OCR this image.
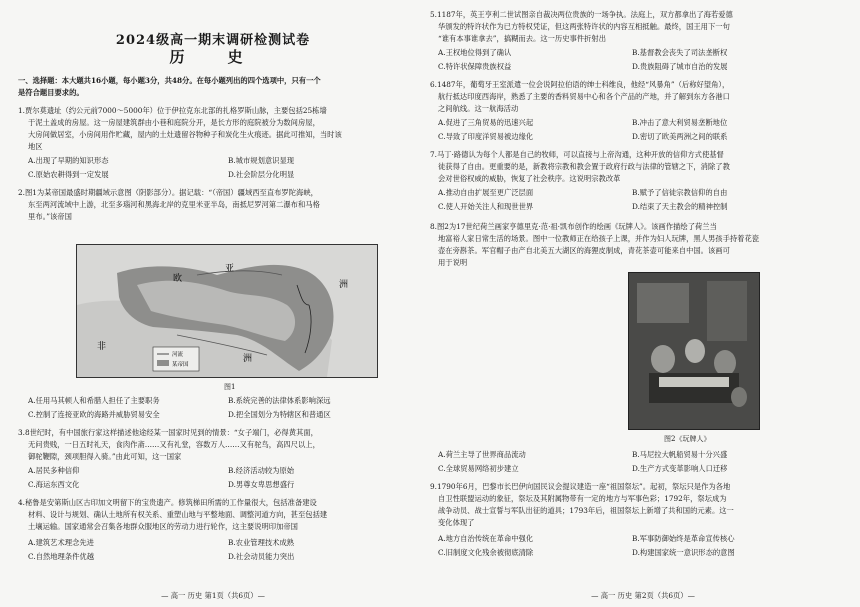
2024级高一期末调研检测试卷
历　史
一、选择题：本大题共16小题，每小题3分，共48分。在每小题列出的四个选项中，只有一个
是符合题目要求的。
1.贾尔莫遗址（约公元前7000～5000年）位于伊拉克东北部的扎格罗斯山脉，主要包括25栋墙
于泥土盖成的房屋。这一房屋建筑群由小巷和庭院分开，是长方形的庭院被分为数间房屋，
大房间做居室，小房间用作贮藏，屋内的土灶遗留谷物种子和炭化生火痕迹。据此可推知，当时该
地区
A.出现了早期的知识形态	B.城市规划意识显现
C.原始农耕得到一定发展	D.社会阶层分化明显
2.图1为某帝国最盛时期疆域示意图（阴影部分）。据记载：“（帝国）疆域西至直布罗陀海峡，
东至两河流域中上游，北至多瑙河和黑海北岸的克里米亚半岛，南抵尼罗河第二瀑布和马格
里布。”该帝国
欧
亚
非
洲
洲
河流
某帝国
图1
A.任用马其顿人和希腊人担任了主要职务	B.系统完善的法律体系影响深远
C.控制了连接亚欧的海路并威胁贸易安全	D.把全国划分为特辖区和普通区
3.8世纪时，有中国旅行家这样描述他途经某一国家时见到的情景：“女子端门，必得黄其面，
无问贵贱，一日五时礼天，食肉作斋……又有礼堂，容数万人……又有驼鸟，高四尺以上，
御驼鞭隙，颈项胆得入骑。”由此可知，这一国家
A.居民多种信仰	B.经济活动较为原始
C.海运东西文化	D.男尊女卑思想盛行
4.秘鲁是安第斯山区古印加文明留下的宝贵遗产。修筑梯田所需的工作量很大，包括准备建设
材料、设计与规划、确认土地所有权关系、重塑山地与平整地面、调整河道方向，甚至包括建
土壤运输。国家通常会召集各地群众服地区的劳动力进行轮作，这主要说明印加帝国
A.建筑艺术理念先进	B.农业管理技术成熟
C.自然地理条件优越	D.社会动员能力突出
— 高一 历史 第1页（共6页）—
5.1187年，英王亨利二世试图亲自裁决两位贵族的一场争执。法庭上，双方都拿出了海若爱德
华颁发的特许状作为已方特权凭证，但这两张特许状的内容互相抵触。最终，国王用下一句
“谁有本事谁拿去”，搞糊而去。这一历史事件折射出
A.王权地位得到了确认	B.基督教会丧失了司法垄断权
C.特许状保障贵族权益	D.贵族阻碍了城市自治的发展
6.1487年，葡萄牙王室派遣一位会说阿拉伯语的绅士科维良，他经“风暴角”（后称好望角），
航行抵达印度西海岸，熟悉了主要的香料贸易中心和各个产品的产地，并了解到东方各港口
之间航线。这一航海活动
A.促进了三角贸易的迅速兴起	B.冲击了意大利贸易垄断地位
C.导致了印度洋贸易被边缘化	D.密切了欧美两洲之间的联系
7.马丁·路德认为每个人都是自己的牧师，可以直接与上帝沟通，这种开放的信仰方式使基督
徒获得了自由。更重要的是，新教将宗教和教会置于政府行政与法律的管辖之下，消除了教
会对世俗权威的威胁，恢复了社会秩序。这说明宗教改革
A.推动自由扩展至更广泛层面	B.赋予了信徒宗教信仰的自由
C.使人开始关注人和现世世界	D.结束了天主教会的精神控制
8.图2为17世纪荷兰画家亨德里克·范·祖·凯布创作的绘画《玩牌人》。该画作描绘了荷兰当
地富裕人家日常生活的场景。图中一位教师正在给孩子上课，并作为妇人玩牌，黑人男孩手持着花瓷
壶在旁斟茶。军官帽子由产自北美五大湖区的海狸皮制成，青花茶壶可能来自中国。该画可
用于说明
图2《玩牌人》
A.荷兰主导了世界商品流动	B.马尼拉大帆船贸易十分兴盛
C.全球贸易网络初步建立	D.生产方式变革影响人口迁移
9.1790年6月，巴黎市长巴伊向国民议会提议建造一座“祖国祭坛”。起初，祭坛只是作为各地
自卫性联盟运动的象征，祭坛及其附属物带有一定的地方与军事色彩；1792年，祭坛成为
战争动员、战士宣誓与军队出征的道具；1793年后，祖国祭坛上新增了共和国的元素。这一
变化体现了
A.地方自治传统在革命中强化	B.军事防御始终是革命宣传核心
C.旧制度文化残余被彻底清除	D.构建国家统一意识形态的意图
— 高一 历史 第2页（共6页）—
